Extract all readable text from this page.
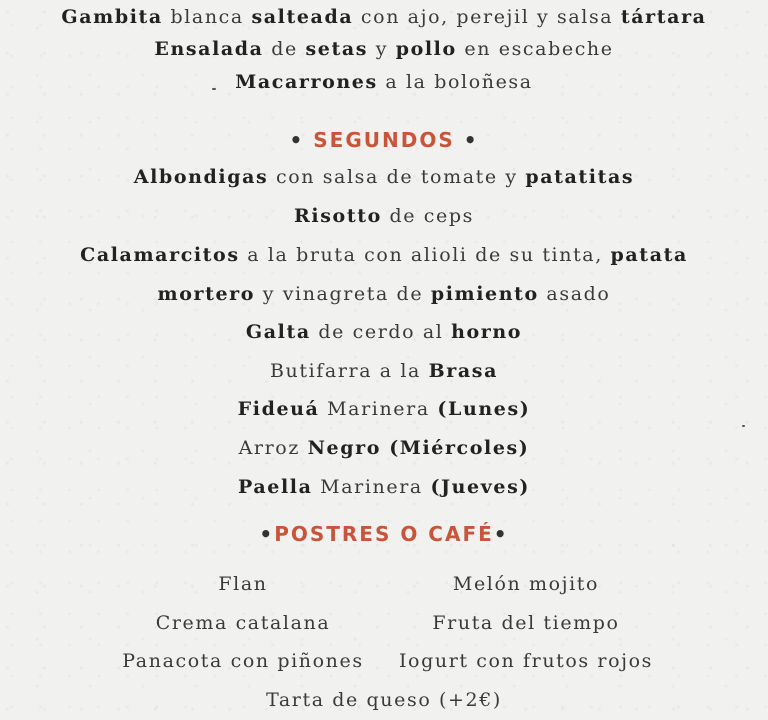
Gambita blanca salteada con ajo, perejil y salsa tártara
Ensalada de setas y pollo en escabeche
Macarrones a la boloñesa
• SEGUNDOS •
Albondigas con salsa de tomate y patatitas
Risotto de ceps
Calamarcitos a la bruta con alioli de su tinta, patata
mortero y vinagreta de pimiento asado
Galta de cerdo al horno
Butifarra a la Brasa
Fideuá Marinera (Lunes)
Arroz Negro (Miércoles)
Paella Marinera (Jueves)
•POSTRES O CAFÉ•
Flan	Melón mojito
Crema catalana	Fruta del tiempo
Panacota con piñones	Iogurt con frutos rojos
Tarta de queso (+2€)
